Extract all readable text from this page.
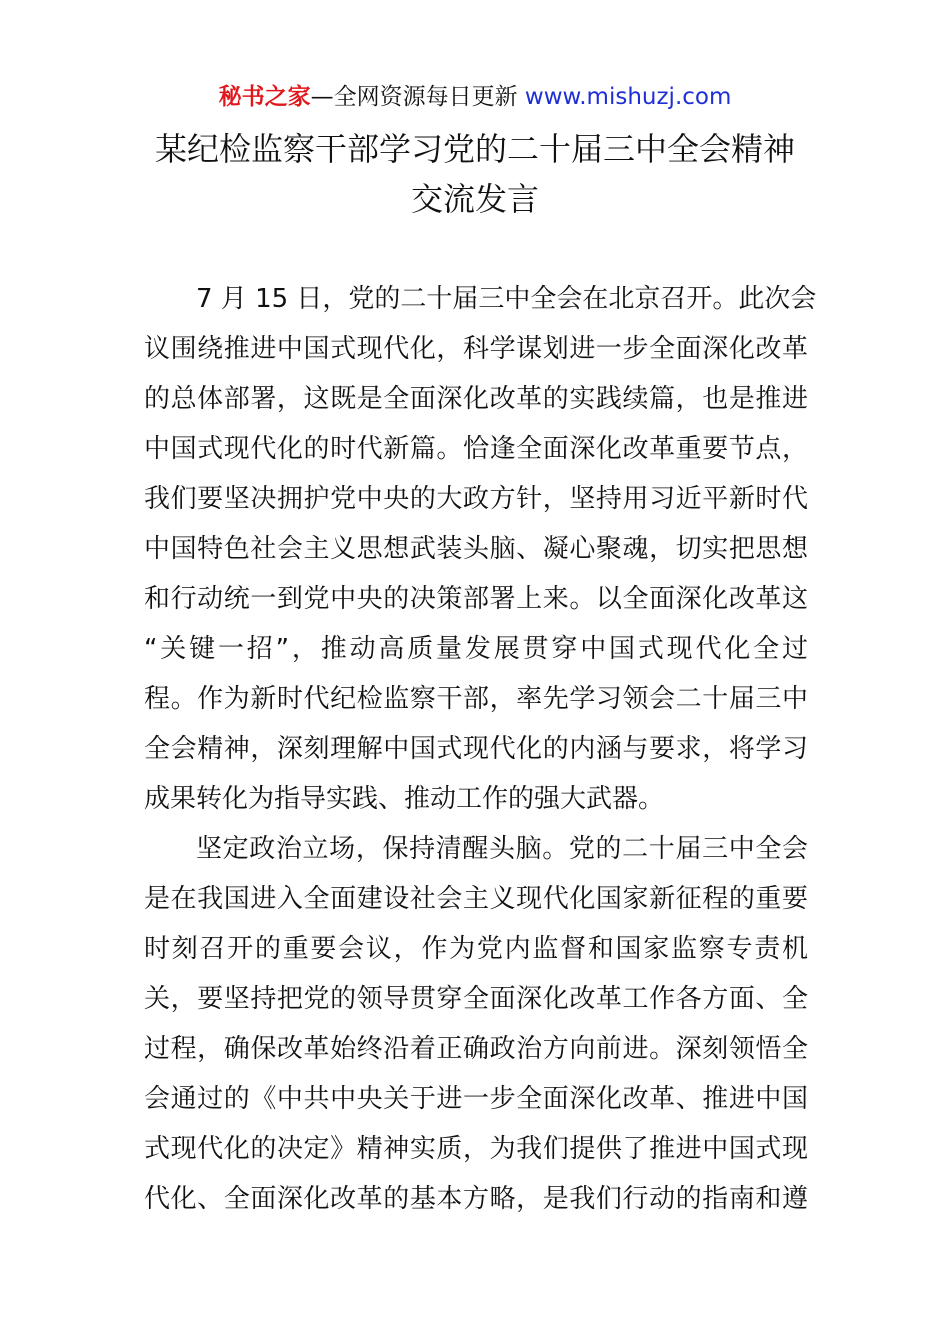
秘书之家—全网资源每日更新 www.mishuzj.com
某纪检监察干部学习党的二十届三中全会精神
交流发言
7 月 15 日，党的二十届三中全会在北京召开。此次会
议围绕推进中国式现代化，科学谋划进一步全面深化改革
的总体部署，这既是全面深化改革的实践续篇，也是推进
中国式现代化的时代新篇。恰逢全面深化改革重要节点，
我们要坚决拥护党中央的大政方针，坚持用习近平新时代
中国特色社会主义思想武装头脑、凝心聚魂，切实把思想
和行动统一到党中央的决策部署上来。以全面深化改革这
“关键一招”，推动高质量发展贯穿中国式现代化全过
程。作为新时代纪检监察干部，率先学习领会二十届三中
全会精神，深刻理解中国式现代化的内涵与要求，将学习
成果转化为指导实践、推动工作的强大武器。
坚定政治立场，保持清醒头脑。党的二十届三中全会
是在我国进入全面建设社会主义现代化国家新征程的重要
时刻召开的重要会议，作为党内监督和国家监察专责机
关，要坚持把党的领导贯穿全面深化改革工作各方面、全
过程，确保改革始终沿着正确政治方向前进。深刻领悟全
会通过的《中共中央关于进一步全面深化改革、推进中国
式现代化的决定》精神实质，为我们提供了推进中国式现
代化、全面深化改革的基本方略，是我们行动的指南和遵
